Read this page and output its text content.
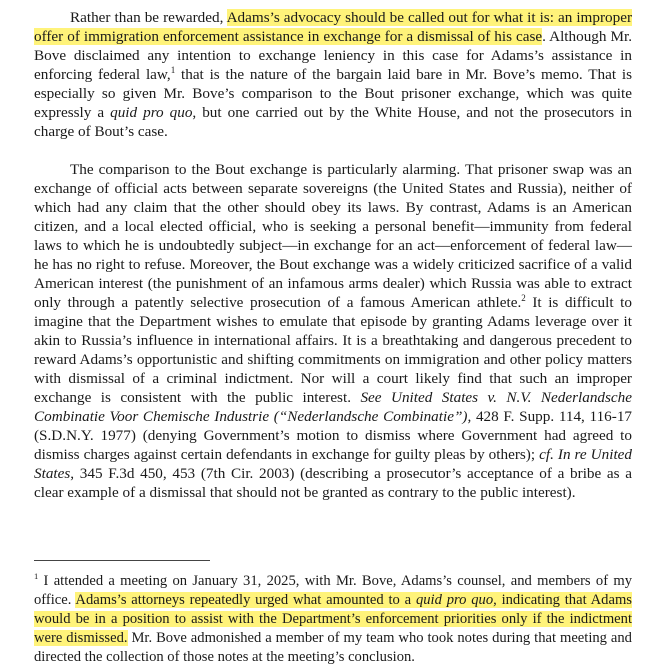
Rather than be rewarded, Adams’s advocacy should be called out for what it is: an improper offer of immigration enforcement assistance in exchange for a dismissal of his case. Although Mr. Bove disclaimed any intention to exchange leniency in this case for Adams’s assistance in enforcing federal law,$^1$ that is the nature of the bargain laid bare in Mr. Bove’s memo. That is especially so given Mr. Bove’s comparison to the Bout prisoner exchange, which was quite expressly a quid pro quo, but one carried out by the White House, and not the prosecutors in charge of Bout’s case.

The comparison to the Bout exchange is particularly alarming. That prisoner swap was an exchange of official acts between separate sovereigns (the United States and Russia), neither of which had any claim that the other should obey its laws. By contrast, Adams is an American citizen, and a local elected official, who is seeking a personal benefit—immunity from federal laws to which he is undoubtedly subject—in exchange for an act—enforcement of federal law—he has no right to refuse. Moreover, the Bout exchange was a widely criticized sacrifice of a valid American interest (the punishment of an infamous arms dealer) which Russia was able to extract only through a patently selective prosecution of a famous American athlete.$^2$ It is difficult to imagine that the Department wishes to emulate that episode by granting Adams leverage over it akin to Russia’s influence in international affairs. It is a breathtaking and dangerous precedent to reward Adams’s opportunistic and shifting commitments on immigration and other policy matters with dismissal of a criminal indictment. Nor will a court likely find that such an improper exchange is consistent with the public interest. See United States v. N.V. Nederlandsche Combinatie Voor Chemische Industrie (“Nederlandsche Combinatie”), 428 F. Supp. 114, 116-17 (S.D.N.Y. 1977) (denying Government’s motion to dismiss where Government had agreed to dismiss charges against certain defendants in exchange for guilty pleas by others); cf. In re United States, 345 F.3d 450, 453 (7th Cir. 2003) (describing a prosecutor’s acceptance of a bribe as a clear example of a dismissal that should not be granted as contrary to the public interest).

$^1$ I attended a meeting on January 31, 2025, with Mr. Bove, Adams’s counsel, and members of my office. Adams’s attorneys repeatedly urged what amounted to a quid pro quo, indicating that Adams would be in a position to assist with the Department’s enforcement priorities only if the indictment were dismissed. Mr. Bove admonished a member of my team who took notes during that meeting and directed the collection of those notes at the meeting’s conclusion.
